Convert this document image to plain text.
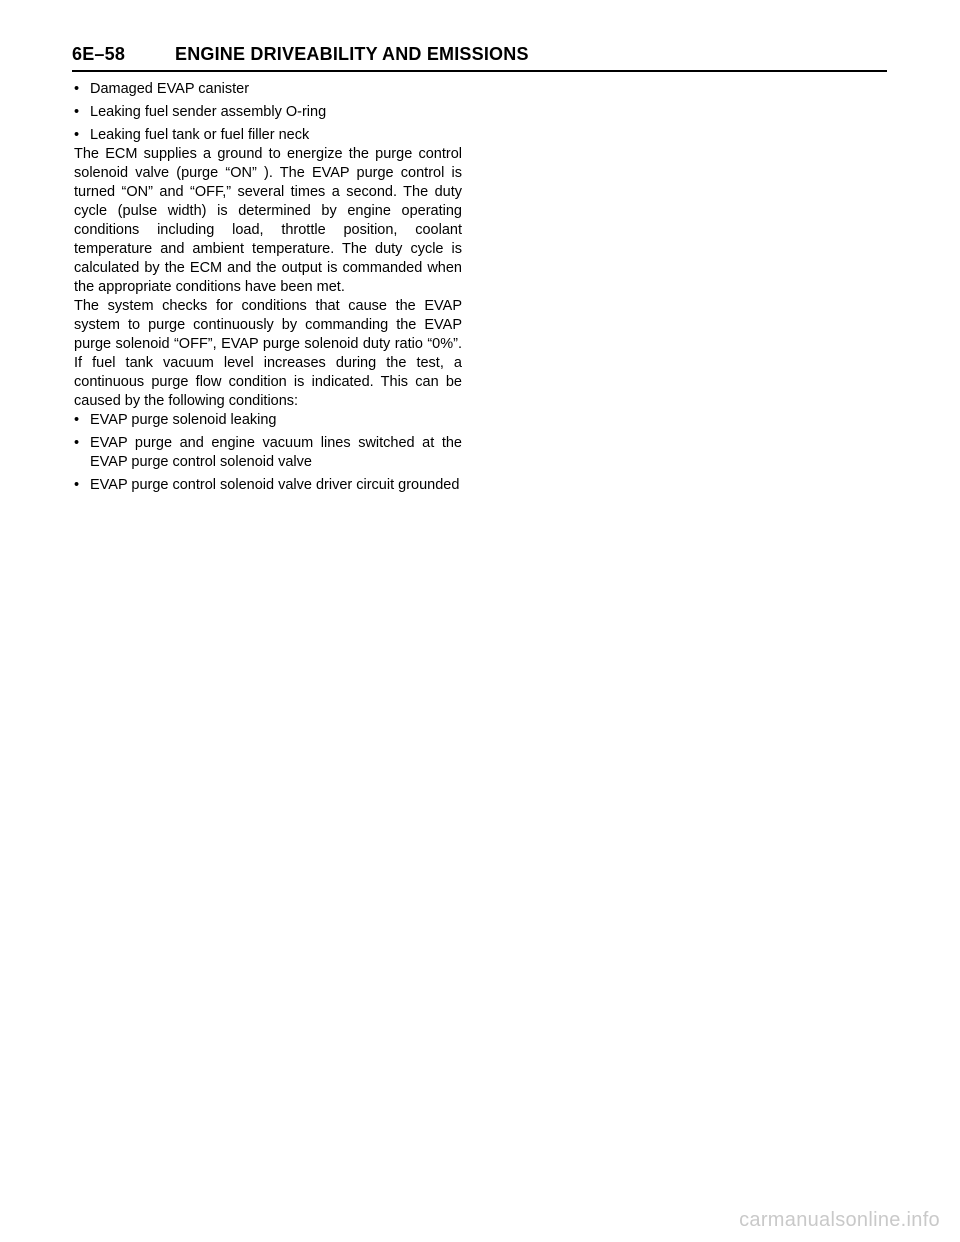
6E–58	ENGINE DRIVEABILITY AND EMISSIONS
• Damaged EVAP canister
• Leaking fuel sender assembly O-ring
• Leaking fuel tank or fuel filler neck

The ECM supplies a ground to energize the purge control solenoid valve (purge “ON” ). The EVAP purge control is turned “ON” and “OFF,” several times a second. The duty cycle (pulse width) is determined by engine operating conditions including load, throttle position, coolant temperature and ambient temperature. The duty cycle is calculated by the ECM and the output is commanded when the appropriate conditions have been met.

The system checks for conditions that cause the EVAP system to purge continuously by commanding the EVAP purge solenoid “OFF”, EVAP purge solenoid duty ratio “0%”. If fuel tank vacuum level increases during the test, a continuous purge flow condition is indicated. This can be caused by the following conditions:

• EVAP purge solenoid leaking
• EVAP purge and engine vacuum lines switched at the EVAP purge control solenoid valve
• EVAP purge control solenoid valve driver circuit grounded
carmanualsonline.info
